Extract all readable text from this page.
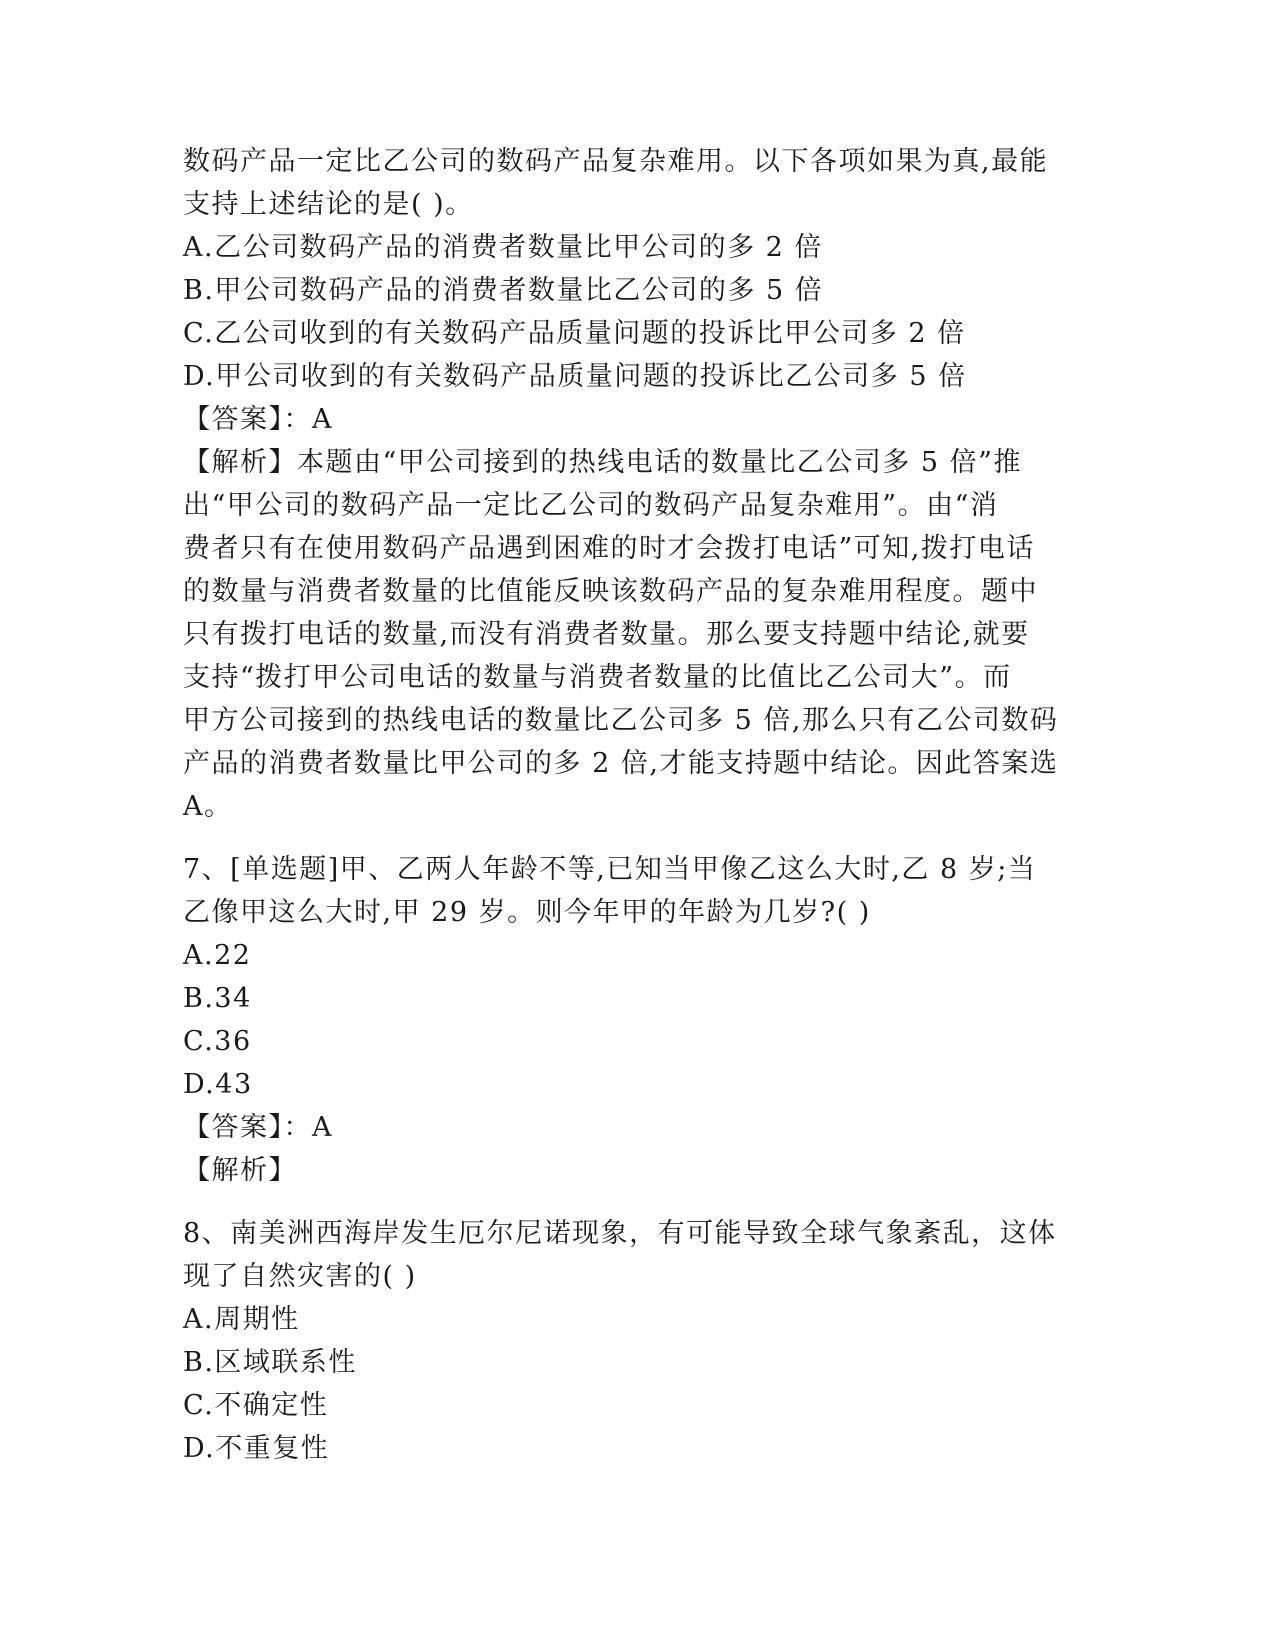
数码产品一定比乙公司的数码产品复杂难用。以下各项如果为真,最能
支持上述结论的是( )。
A.乙公司数码产品的消费者数量比甲公司的多 2 倍
B.甲公司数码产品的消费者数量比乙公司的多 5 倍
C.乙公司收到的有关数码产品质量问题的投诉比甲公司多 2 倍
D.甲公司收到的有关数码产品质量问题的投诉比乙公司多 5 倍
【答案】：A
【解析】本题由“甲公司接到的热线电话的数量比乙公司多 5 倍”推
出“甲公司的数码产品一定比乙公司的数码产品复杂难用”。由“消
费者只有在使用数码产品遇到困难的时才会拨打电话”可知,拨打电话
的数量与消费者数量的比值能反映该数码产品的复杂难用程度。题中
只有拨打电话的数量,而没有消费者数量。那么要支持题中结论,就要
支持“拨打甲公司电话的数量与消费者数量的比值比乙公司大”。而
甲方公司接到的热线电话的数量比乙公司多 5 倍,那么只有乙公司数码
产品的消费者数量比甲公司的多 2 倍,才能支持题中结论。因此答案选
A。
7、[单选题]甲、乙两人年龄不等,已知当甲像乙这么大时,乙 8 岁;当
乙像甲这么大时,甲 29 岁。则今年甲的年龄为几岁?( )
A.22
B.34
C.36
D.43
【答案】：A
【解析】
8、南美洲西海岸发生厄尔尼诺现象，有可能导致全球气象紊乱，这体
现了自然灾害的( )
A.周期性
B.区域联系性
C.不确定性
D.不重复性
